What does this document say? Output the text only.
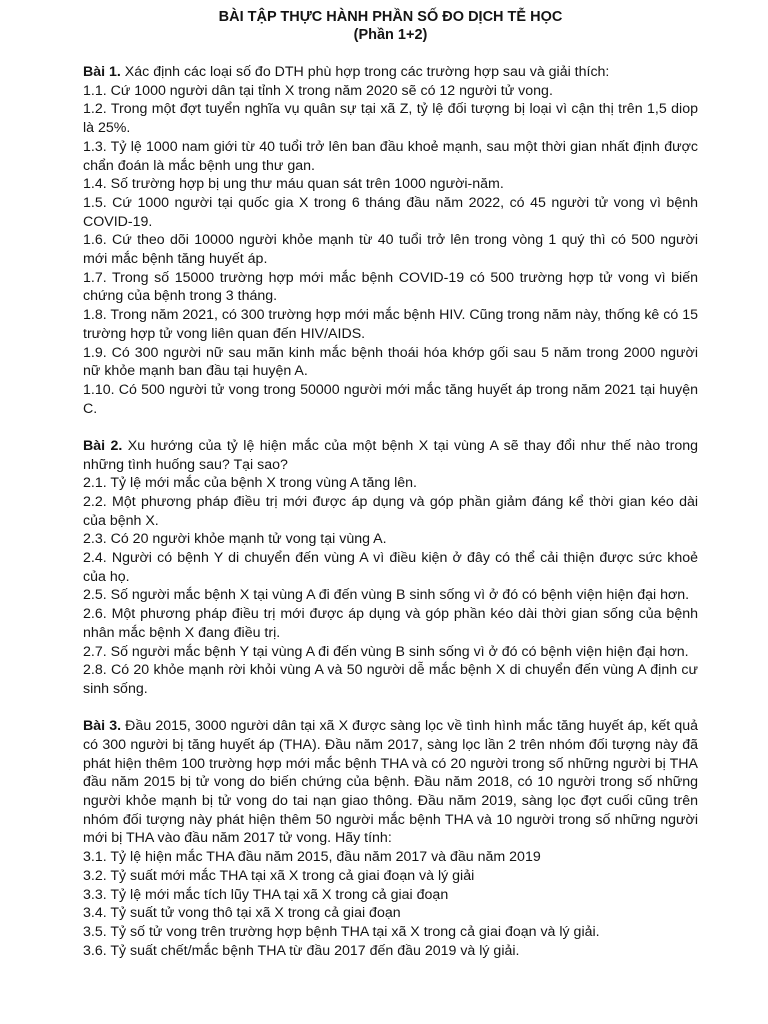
BÀI TẬP THỰC HÀNH PHẦN SỐ ĐO DỊCH TỄ HỌC

(Phần 1+2)

Bài 1. Xác định các loại số đo DTH phù hợp trong các trường hợp sau và giải thích:

1.1. Cứ 1000 người dân tại tỉnh X trong năm 2020 sẽ có 12 người tử vong.

1.2. Trong một đợt tuyển nghĩa vụ quân sự tại xã Z, tỷ lệ đối tượng bị loại vì cận thị trên 1,5 diop là 25%.

1.3. Tỷ lệ 1000 nam giới từ 40 tuổi trở lên ban đầu khoẻ mạnh, sau một thời gian nhất định được chẩn đoán là mắc bệnh ung thư gan.

1.4. Số trường hợp bị ung thư máu quan sát trên 1000 người-năm.

1.5. Cứ 1000 người tại quốc gia X trong 6 tháng đầu năm 2022, có 45 người tử vong vì bệnh COVID-19.

1.6. Cứ theo dõi 10000 người khỏe mạnh từ 40 tuổi trở lên trong vòng 1 quý thì có 500 người mới mắc bệnh tăng huyết áp.

1.7. Trong số 15000 trường hợp mới mắc bệnh COVID-19 có 500 trường hợp tử vong vì biến chứng của bệnh trong 3 tháng.

1.8. Trong năm 2021, có 300 trường hợp mới mắc bệnh HIV. Cũng trong năm này, thống kê có 15 trường hợp tử vong liên quan đến HIV/AIDS.

1.9. Có 300 người nữ sau mãn kinh mắc bệnh thoái hóa khớp gối sau 5 năm trong 2000 người nữ khỏe mạnh ban đầu tại huyện A.

1.10. Có 500 người tử vong trong 50000 người mới mắc tăng huyết áp trong năm 2021 tại huyện C.

Bài 2. Xu hướng của tỷ lệ hiện mắc của một bệnh X tại vùng A sẽ thay đổi như thế nào trong những tình huống sau? Tại sao?

2.1. Tỷ lệ mới mắc của bệnh X trong vùng A tăng lên.

2.2. Một phương pháp điều trị mới được áp dụng và góp phần giảm đáng kể thời gian kéo dài của bệnh X.

2.3. Có 20 người khỏe mạnh tử vong tại vùng A.

2.4. Người có bệnh Y di chuyển đến vùng A vì điều kiện ở đây có thể cải thiện được sức khoẻ của họ.

2.5. Số người mắc bệnh X tại vùng A đi đến vùng B sinh sống vì ở đó có bệnh viện hiện đại hơn.

2.6. Một phương pháp điều trị mới được áp dụng và góp phần kéo dài thời gian sống của bệnh nhân mắc bệnh X đang điều trị.

2.7. Số người mắc bệnh Y tại vùng A đi đến vùng B sinh sống vì ở đó có bệnh viện hiện đại hơn.

2.8. Có 20 khỏe mạnh rời khỏi vùng A và 50 người dễ mắc bệnh X di chuyển đến vùng A định cư sinh sống.

Bài 3. Đầu 2015, 3000 người dân tại xã X được sàng lọc về tình hình mắc tăng huyết áp, kết quả có 300 người bị tăng huyết áp (THA). Đầu năm 2017, sàng lọc lần 2 trên nhóm đối tượng này đã phát hiện thêm 100 trường hợp mới mắc bệnh THA và có 20 người trong số những người bị THA đầu năm 2015 bị tử vong do biến chứng của bệnh. Đầu năm 2018, có 10 người trong số những người khỏe mạnh bị tử vong do tai nạn giao thông. Đầu năm 2019, sàng lọc đợt cuối cũng trên nhóm đối tượng này phát hiện thêm 50 người mắc bệnh THA và 10 người trong số những người mới bị THA vào đầu năm 2017 tử vong. Hãy tính:

3.1. Tỷ lệ hiện mắc THA đầu năm 2015, đầu năm 2017 và đầu năm 2019

3.2. Tỷ suất mới mắc THA tại xã X trong cả giai đoạn và lý giải

3.3. Tỷ lệ mới mắc tích lũy THA tại xã X trong cả giai đoạn

3.4. Tỷ suất tử vong thô tại xã X trong cả giai đoạn

3.5. Tỷ số tử vong trên trường hợp bệnh THA tại xã X trong cả giai đoạn và lý giải.

3.6. Tỷ suất chết/mắc bệnh THA từ đầu 2017 đến đầu 2019 và lý giải.
